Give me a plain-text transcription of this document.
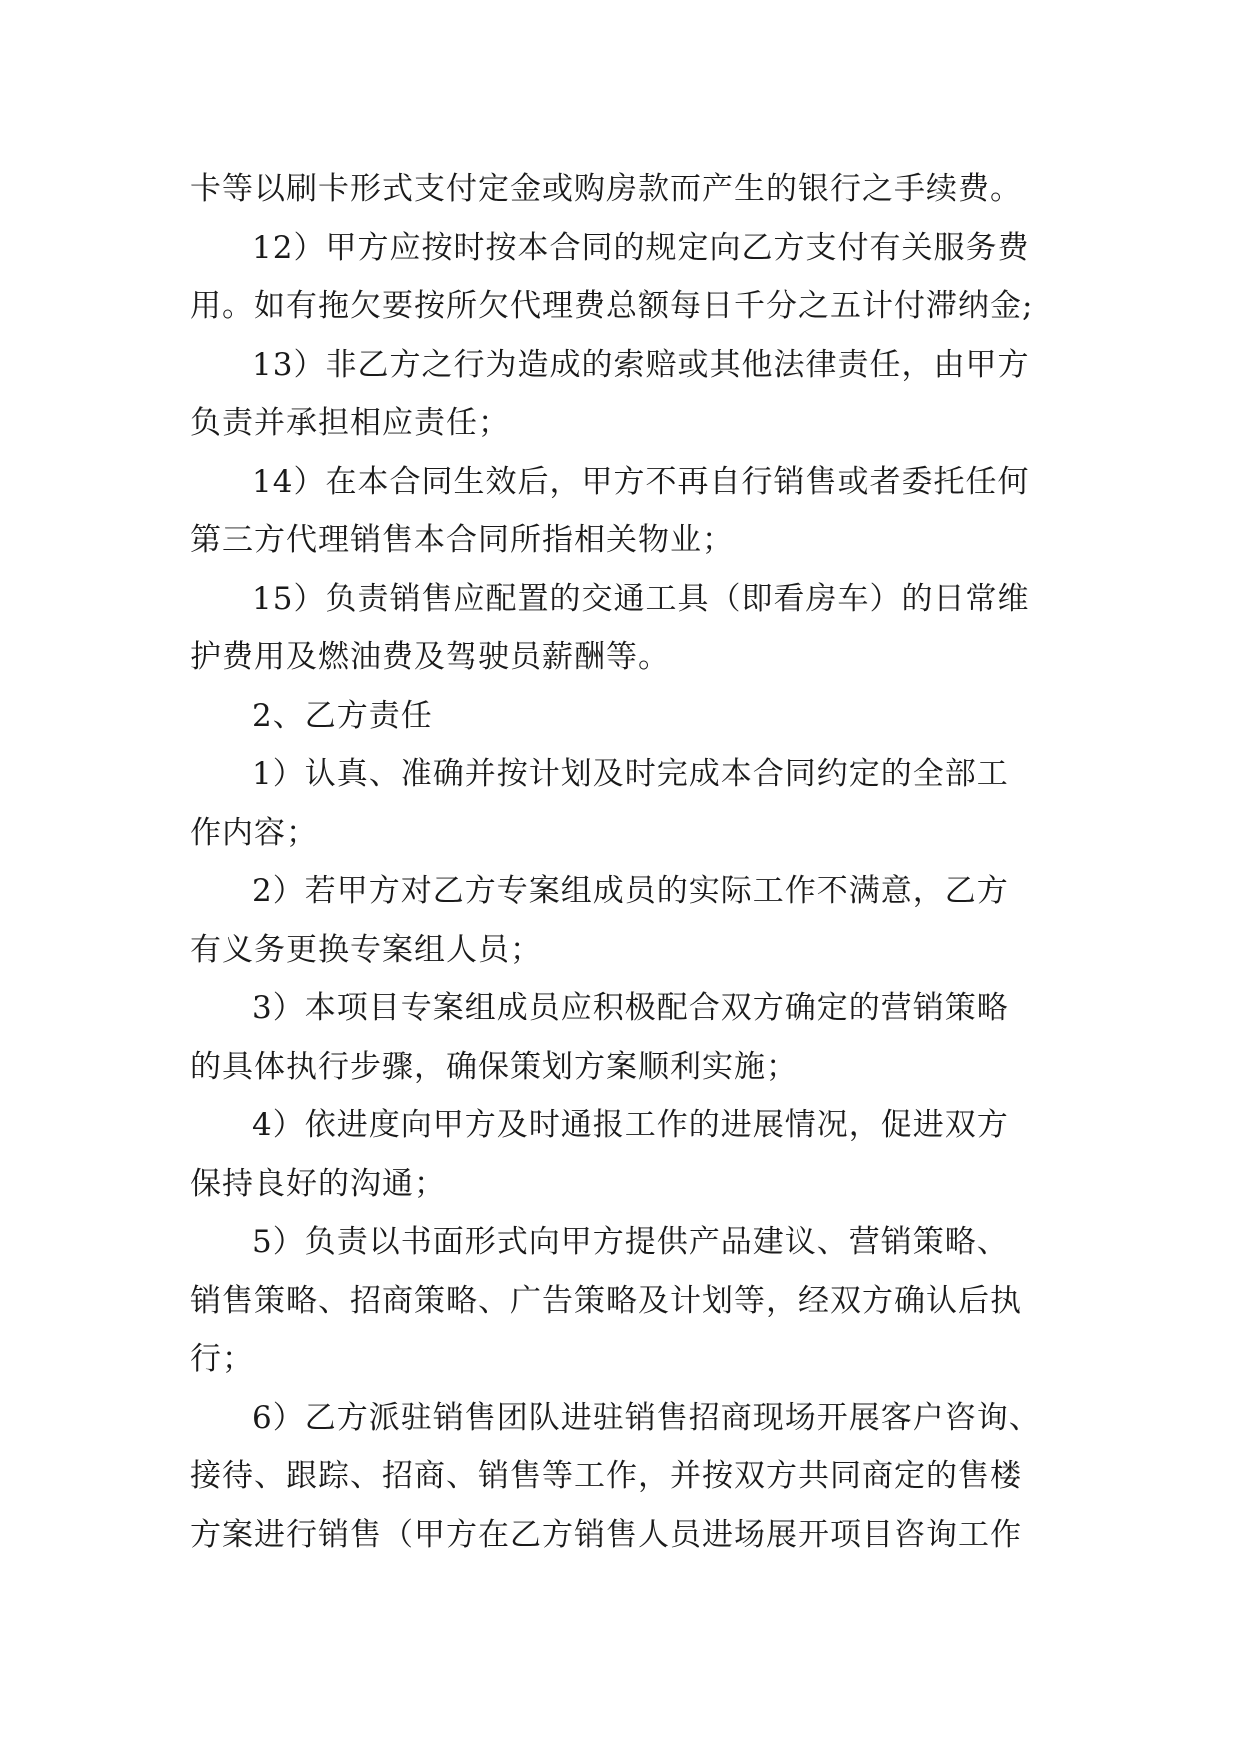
卡等以刷卡形式支付定金或购房款而产生的银行之手续费。
12）甲方应按时按本合同的规定向乙方支付有关服务费
用。如有拖欠要按所欠代理费总额每日千分之五计付滞纳金;
13）非乙方之行为造成的索赔或其他法律责任，由甲方
负责并承担相应责任；
14）在本合同生效后，甲方不再自行销售或者委托任何
第三方代理销售本合同所指相关物业；
15）负责销售应配置的交通工具（即看房车）的日常维
护费用及燃油费及驾驶员薪酬等。
2、乙方责任
1）认真、准确并按计划及时完成本合同约定的全部工
作内容；
2）若甲方对乙方专案组成员的实际工作不满意，乙方
有义务更换专案组人员；
3）本项目专案组成员应积极配合双方确定的营销策略
的具体执行步骤，确保策划方案顺利实施；
4）依进度向甲方及时通报工作的进展情况，促进双方
保持良好的沟通；
5）负责以书面形式向甲方提供产品建议、营销策略、
销售策略、招商策略、广告策略及计划等，经双方确认后执
行；
6）乙方派驻销售团队进驻销售招商现场开展客户咨询、
接待、跟踪、招商、销售等工作，并按双方共同商定的售楼
方案进行销售（甲方在乙方销售人员进场展开项目咨询工作
